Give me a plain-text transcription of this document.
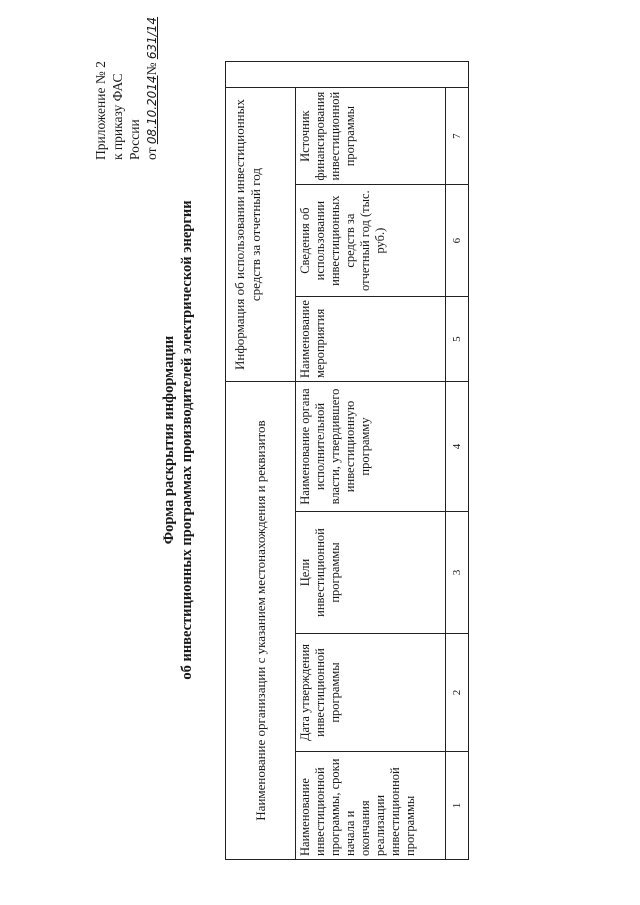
Приложение № 2 к приказу ФАС России от 08.10.2014№ 631/14
Форма раскрытия информации об инвестиционных программах производителей электрической энергии	Наименование организации с указанием местонахождения и реквизитов				Информация об использовании инвестиционных средств за отчетный год			
Наименование инвестиционной программы, сроки начала и окончания реализации инвестиционной программы	Дата утверждения инвестиционной программы	Цели инвестиционной программы	Наименование органа исполнительной власти, утвердившего инвестиционную программу	Наименование мероприятия	Сведения об использовании инвестиционных средств за отчетный год (тыс. руб.)	Источник финансирования инвестиционной программы	
1	2	3	4	5	6	7	
